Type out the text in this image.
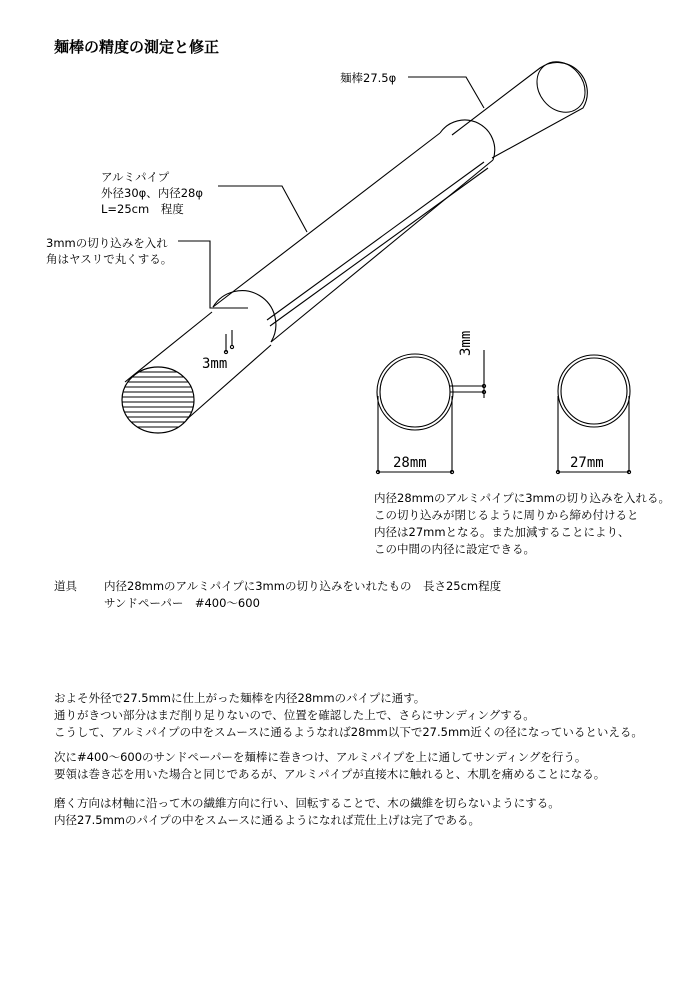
麺棒の精度の測定と修正
麺棒27.5φ
アルミパイプ
外径30φ、内径28φ
L=25cm　程度
3mmの切り込みを入れ
角はヤスリで丸くする。
3mm
3mm
28mm	27mm
内径28mmのアルミパイプに3mmの切り込みを入れる。
この切り込みが閉じるように周りから締め付けると
内径は27mmとなる。また加減することにより、
この中間の内径に設定できる。
道具 内径28mmのアルミパイプに3mmの切り込みをいれたもの　長さ25cm程度
サンドペーパー　#400〜600
およそ外径で27.5mmに仕上がった麺棒を内径28mmのパイプに通す。
通りがきつい部分はまだ削り足りないので、位置を確認した上で、さらにサンディングする。
こうして、アルミパイプの中をスムースに通るようなれば28mm以下で27.5mm近くの径になっているといえる。
次に#400〜600のサンドペーパーを麺棒に巻きつけ、アルミパイプを上に通してサンディングを行う。
要領は巻き芯を用いた場合と同じであるが、アルミパイプが直接木に触れると、木肌を痛めることになる。
磨く方向は材軸に沿って木の繊維方向に行い、回転することで、木の繊維を切らないようにする。
内径27.5mmのパイプの中をスムースに通るようになれば荒仕上げは完了である。
